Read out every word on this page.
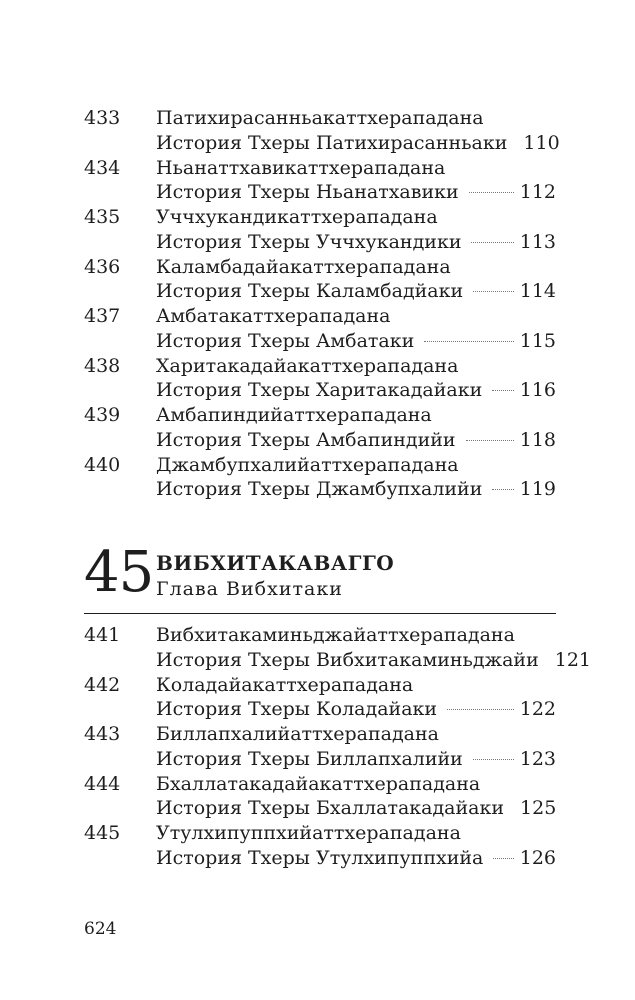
433 Патихирасанньакаттхерападана
История Тхеры Патихирасанньаки 110
434 Ньанаттхавикаттхерападана
История Тхеры Ньанатхавики	112
435 Уччхукандикаттхерападана
История Тхеры Уччхукандики	113
436 Каламбадайакаттхерападана
История Тхеры Каламбадйаки	114
437 Амбатакаттхерападана
История Тхеры Амбатаки	115
438 Харитакадайакаттхерападана
История Тхеры Харитакадайаки 116
439 Амбапиндийаттхерападана
История Тхеры Амбапиндийи	118
440 Джамбупхалийаттхерападана
История Тхеры Джамбупхалийи 119
45 ВИБХИТАКАВАГГО
Глава Вибхитаки
441 Вибхитакаминьджайаттхерападана
История Тхеры Вибхитакаминьджайи 121
442 Коладайакаттхерападана
История Тхеры Коладайаки	122
443 Биллапхалийаттхерападана
История Тхеры Биллапхалийи	123
444 Бхаллатакадайакаттхерападана
История Тхеры Бхаллатакадайаки 125
445 Утулхипуппхийаттхерападана
История Тхеры Утулхипуппхийа 126
624
